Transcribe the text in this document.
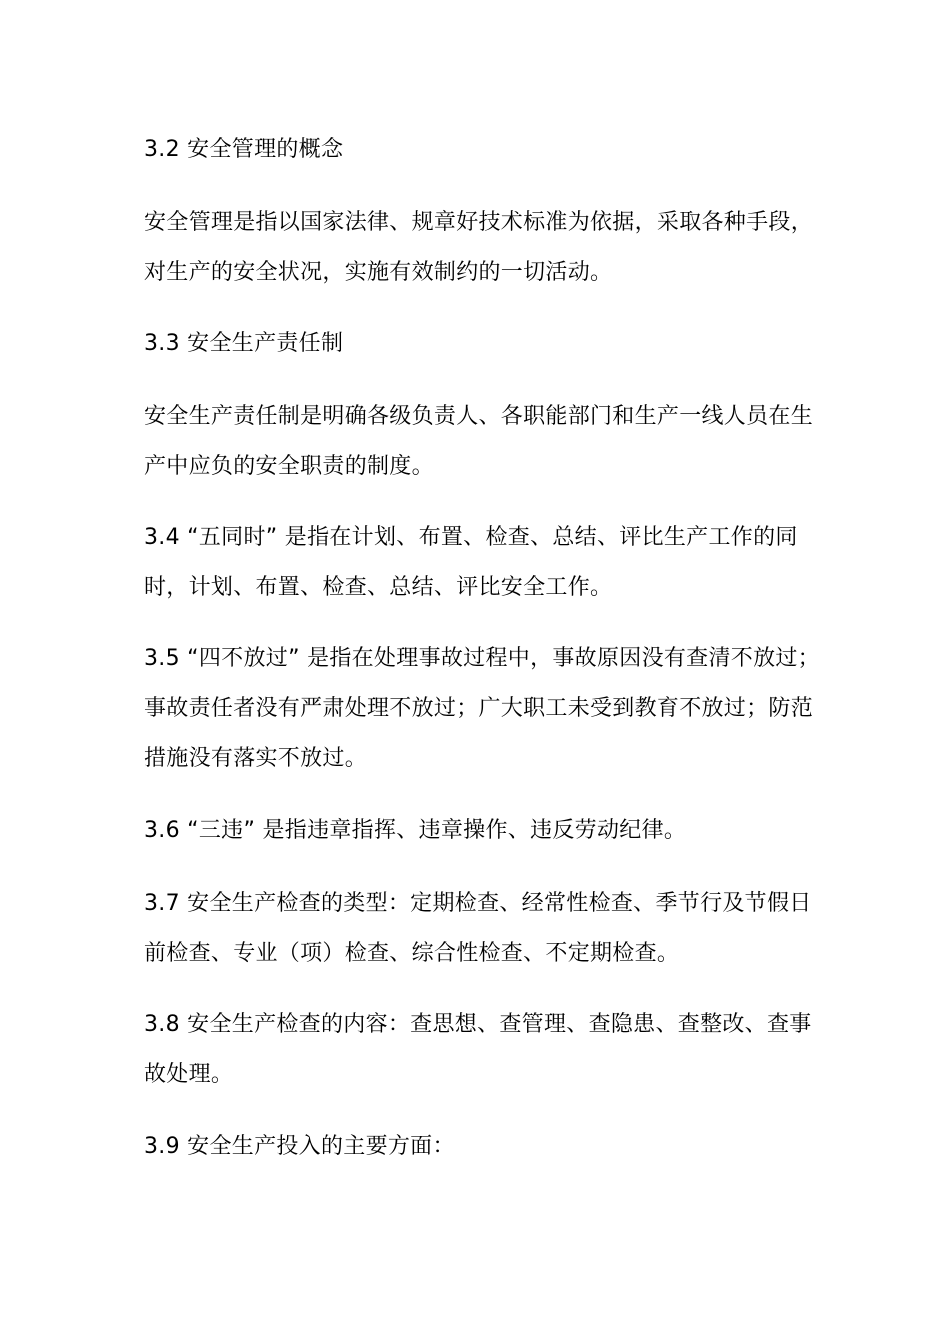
3.2 安全管理的概念

安全管理是指以国家法律、规章好技术标准为依据，采取各种手段，对生产的安全状况，实施有效制约的一切活动。

3.3 安全生产责任制

安全生产责任制是明确各级负责人、各职能部门和生产一线人员在生产中应负的安全职责的制度。

3.4 “五同时” 是指在计划、布置、检查、总结、评比生产工作的同时，计划、布置、检查、总结、评比安全工作。

3.5 “四不放过” 是指在处理事故过程中，事故原因没有查清不放过；事故责任者没有严肃处理不放过；广大职工未受到教育不放过；防范措施没有落实不放过。

3.6 “三违” 是指违章指挥、违章操作、违反劳动纪律。

3.7 安全生产检查的类型：定期检查、经常性检查、季节行及节假日前检查、专业（项）检查、综合性检查、不定期检查。

3.8 安全生产检查的内容：查思想、查管理、查隐患、查整改、查事故处理。

3.9 安全生产投入的主要方面：
